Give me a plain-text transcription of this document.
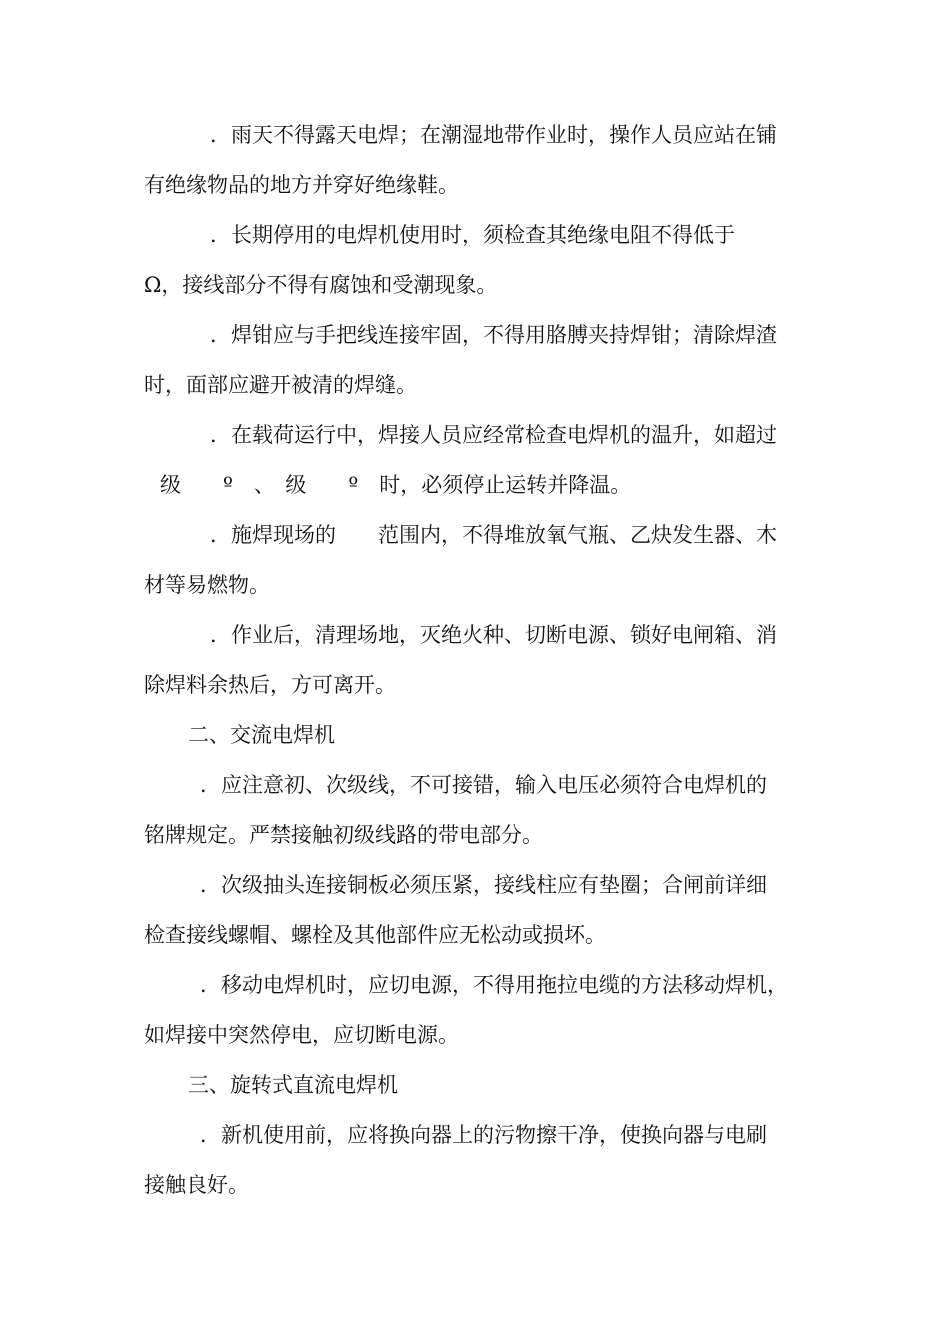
．雨天不得露天电焊；在潮湿地带作业时，操作人员应站在铺
有绝缘物品的地方并穿好绝缘鞋。
．长期停用的电焊机使用时，须检查其绝缘电阻不得低于
Ω，接线部分不得有腐蚀和受潮现象。
．焊钳应与手把线连接牢固，不得用胳膊夹持焊钳；清除焊渣
时，面部应避开被清的焊缝。
．在载荷运行中，焊接人员应经常检查电焊机的温升，如超过
级　　º　、　级　　º　时，必须停止运转并降温。
．施焊现场的　　范围内，不得堆放氧气瓶、乙炔发生器、木
材等易燃物。
．作业后，清理场地，灭绝火种、切断电源、锁好电闸箱、消
除焊料余热后，方可离开。
二、交流电焊机
．应注意初、次级线，不可接错，输入电压必须符合电焊机的
铭牌规定。严禁接触初级线路的带电部分。
．次级抽头连接铜板必须压紧，接线柱应有垫圈；合闸前详细
检查接线螺帽、螺栓及其他部件应无松动或损坏。
．移动电焊机时，应切电源，不得用拖拉电缆的方法移动焊机，
如焊接中突然停电，应切断电源。
三、旋转式直流电焊机
．新机使用前，应将换向器上的污物擦干净，使换向器与电刷
接触良好。
